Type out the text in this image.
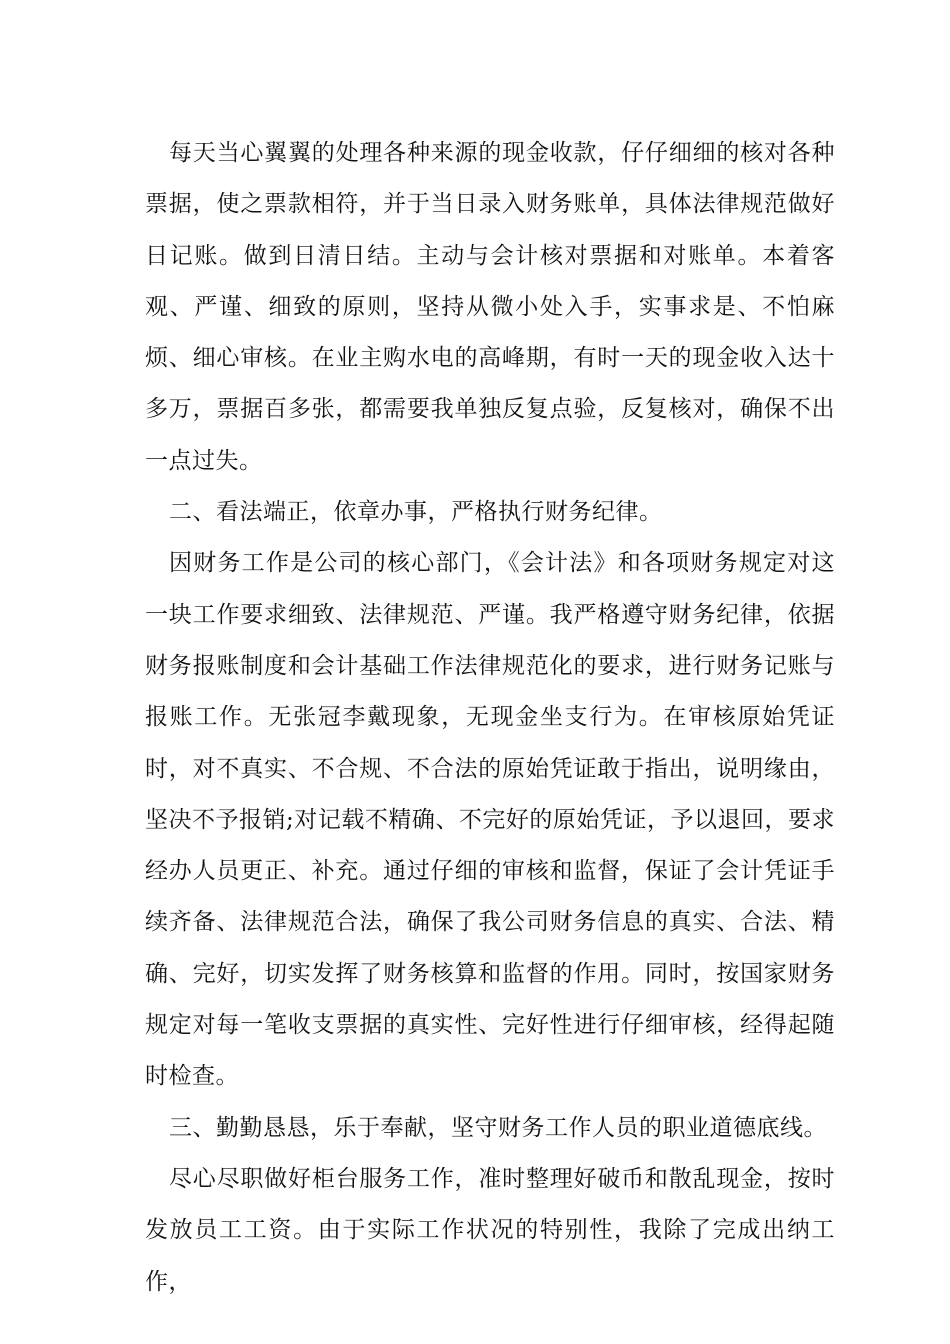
每天当心翼翼的处理各种来源的现金收款，仔仔细细的核对各种票据，使之票款相符，并于当日录入财务账单，具体法律规范做好日记账。做到日清日结。主动与会计核对票据和对账单。本着客观、严谨、细致的原则，坚持从微小处入手，实事求是、不怕麻烦、细心审核。在业主购水电的高峰期，有时一天的现金收入达十多万，票据百多张，都需要我单独反复点验，反复核对，确保不出一点过失。

二、看法端正，依章办事，严格执行财务纪律。

因财务工作是公司的核心部门，《会计法》和各项财务规定对这一块工作要求细致、法律规范、严谨。我严格遵守财务纪律，依据财务报账制度和会计基础工作法律规范化的要求，进行财务记账与报账工作。无张冠李戴现象，无现金坐支行为。在审核原始凭证时，对不真实、不合规、不合法的原始凭证敢于指出，说明缘由，坚决不予报销;对记载不精确、不完好的原始凭证，予以退回，要求经办人员更正、补充。通过仔细的审核和监督，保证了会计凭证手续齐备、法律规范合法，确保了我公司财务信息的真实、合法、精确、完好，切实发挥了财务核算和监督的作用。同时，按国家财务规定对每一笔收支票据的真实性、完好性进行仔细审核，经得起随时检查。

三、勤勤恳恳，乐于奉献，坚守财务工作人员的职业道德底线。

尽心尽职做好柜台服务工作，准时整理好破币和散乱现金，按时发放员工工资。由于实际工作状况的特别性，我除了完成出纳工作，
